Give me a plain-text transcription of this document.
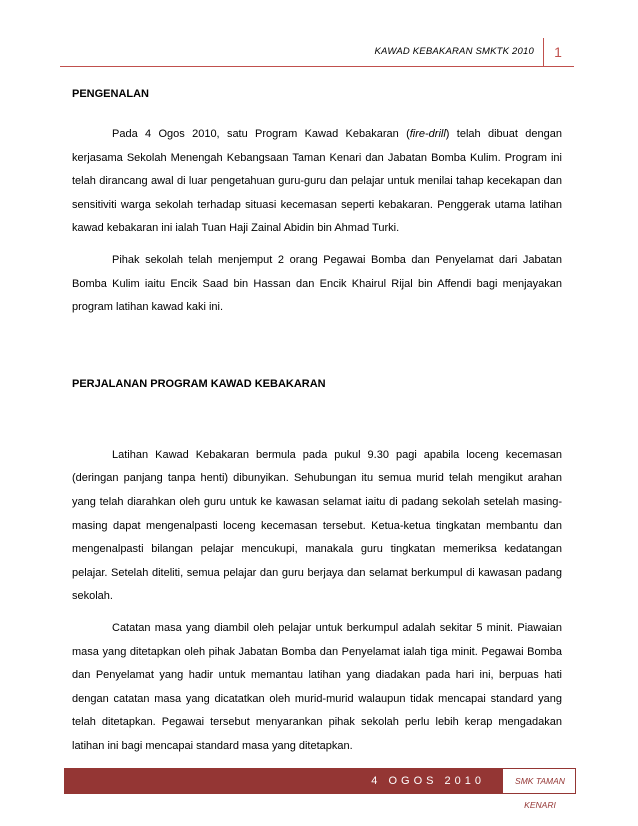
KAWAD KEBAKARAN SMKTK 2010	1
PENGENALAN

Pada 4 Ogos 2010, satu Program Kawad Kebakaran (fire-drill) telah dibuat dengan kerjasama Sekolah Menengah Kebangsaan Taman Kenari dan Jabatan Bomba Kulim. Program ini telah dirancang awal di luar pengetahuan guru-guru dan pelajar untuk menilai tahap kecekapan dan sensitiviti warga sekolah terhadap situasi kecemasan seperti kebakaran. Penggerak utama latihan kawad kebakaran ini ialah Tuan Haji Zainal Abidin bin Ahmad Turki.

Pihak sekolah telah menjemput 2 orang Pegawai Bomba dan Penyelamat dari Jabatan Bomba Kulim iaitu Encik Saad bin Hassan dan Encik Khairul Rijal bin Affendi bagi menjayakan program latihan kawad kaki ini.

PERJALANAN PROGRAM KAWAD KEBAKARAN

Latihan Kawad Kebakaran bermula pada pukul 9.30 pagi apabila loceng kecemasan (deringan panjang tanpa henti) dibunyikan. Sehubungan itu semua murid telah mengikut arahan yang telah diarahkan oleh guru untuk ke kawasan selamat iaitu di padang sekolah setelah masing-masing dapat mengenalpasti loceng kecemasan tersebut. Ketua-ketua tingkatan membantu dan mengenalpasti bilangan pelajar mencukupi, manakala guru tingkatan memeriksa kedatangan pelajar. Setelah diteliti, semua pelajar dan guru berjaya dan selamat berkumpul di kawasan padang sekolah.

Catatan masa yang diambil oleh pelajar untuk berkumpul adalah sekitar 5 minit. Piawaian masa yang ditetapkan oleh pihak Jabatan Bomba dan Penyelamat ialah tiga minit. Pegawai Bomba dan Penyelamat yang hadir untuk memantau latihan yang diadakan pada hari ini, berpuas hati dengan catatan masa yang dicatatkan oleh murid-murid walaupun tidak mencapai standard yang telah ditetapkan. Pegawai tersebut menyarankan pihak sekolah perlu lebih kerap mengadakan latihan ini bagi mencapai standard masa yang ditetapkan.

4 OGOS 2010	SMK TAMAN KENARI
